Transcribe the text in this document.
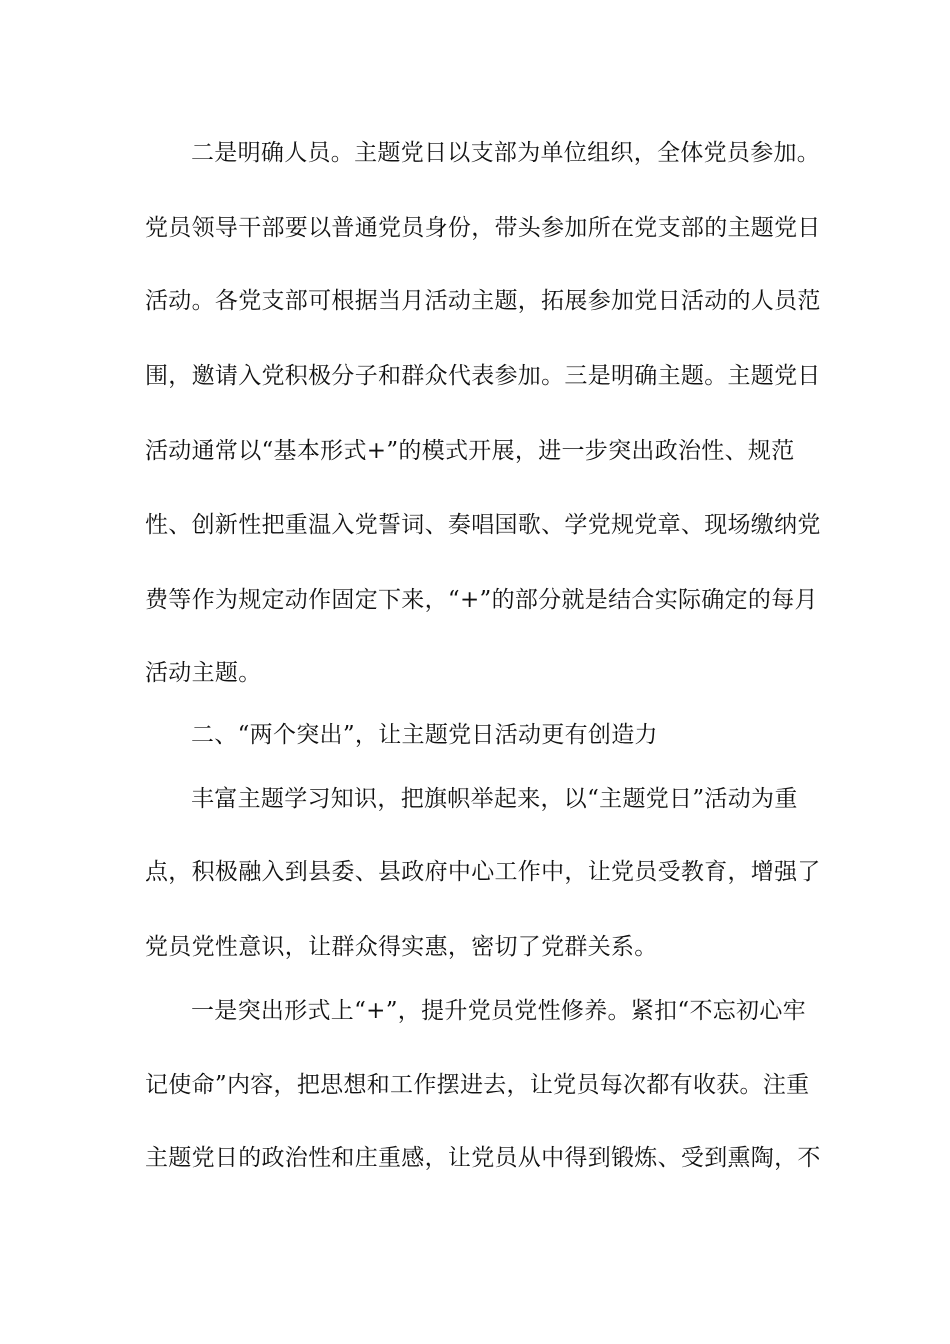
二是明确人员。主题党日以支部为单位组织，全体党员参加。
党员领导干部要以普通党员身份，带头参加所在党支部的主题党日
活动。各党支部可根据当月活动主题，拓展参加党日活动的人员范
围，邀请入党积极分子和群众代表参加。三是明确主题。主题党日
活动通常以“基本形式+”的模式开展，进一步突出政治性、规范
性、创新性把重温入党誓词、奏唱国歌、学党规党章、现场缴纳党
费等作为规定动作固定下来，“+”的部分就是结合实际确定的每月
活动主题。
二、“两个突出”，让主题党日活动更有创造力
丰富主题学习知识，把旗帜举起来，以“主题党日”活动为重
点，积极融入到县委、县政府中心工作中，让党员受教育，增强了
党员党性意识，让群众得实惠，密切了党群关系。
一是突出形式上“+”，提升党员党性修养。紧扣“不忘初心牢
记使命”内容，把思想和工作摆进去，让党员每次都有收获。注重
主题党日的政治性和庄重感，让党员从中得到锻炼、受到熏陶，不
